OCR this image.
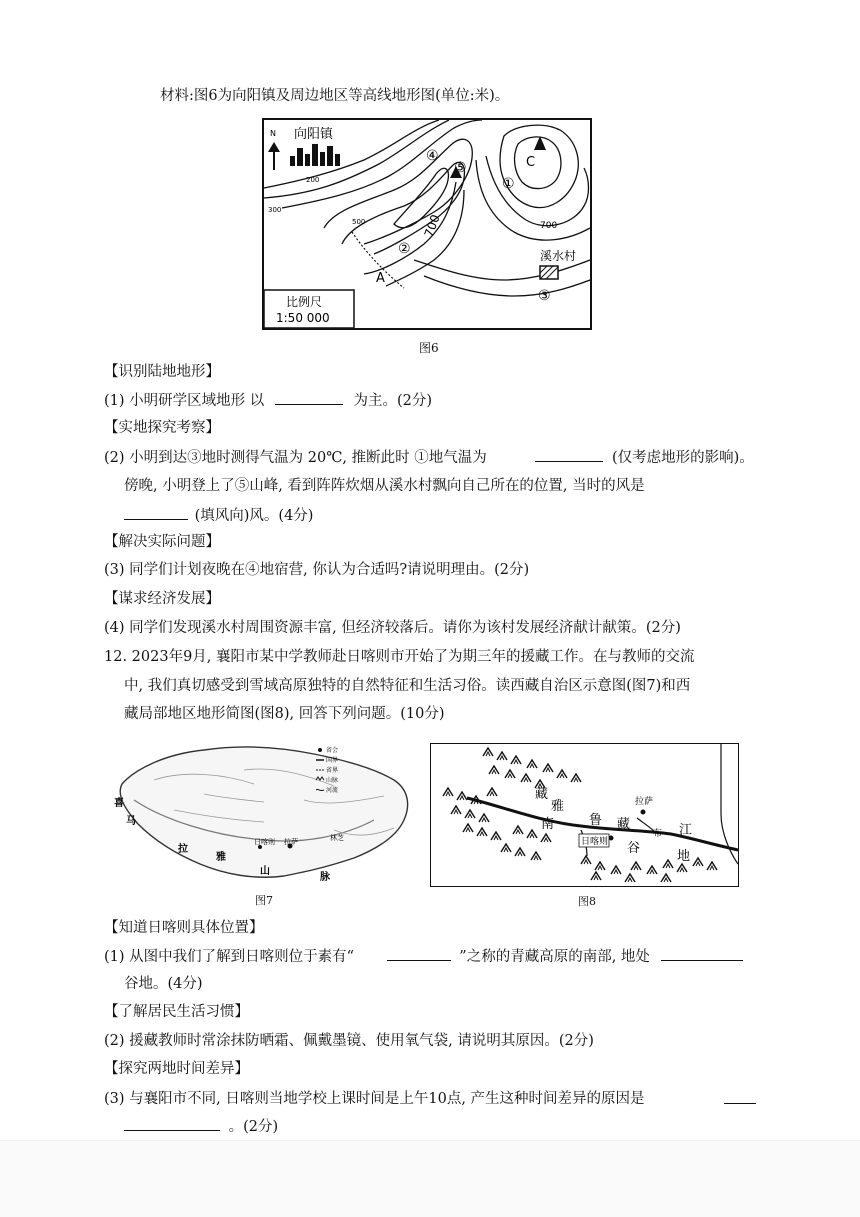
材料:图6为向阳镇及周边地区等高线地形图(单位:米)。
N 向阳镇
④
⑤
①
②
③
C
A
溪水村
700
700
500
200
300
比例尺
1:50 000
图6
【识别陆地地形】
(1) 小明研学区域地形 以	为主。(2分)
【实地探究考察】
(2) 小明到达③地时测得气温为 20℃, 推断此时 ①地气温为	(仅考虑地形的影响)。
傍晚, 小明登上了⑤山峰, 看到阵阵炊烟从溪水村飘向自己所在的位置, 当时的风是
(填风向)风。(4分)
【解决实际问题】
(3) 同学们计划夜晚在④地宿营, 你认为合适吗?请说明理由。(2分)
【谋求经济发展】
(4) 同学们发现溪水村周围资源丰富, 但经济较落后。请你为该村发展经济献计献策。(2分)
12. 2023年9月, 襄阳市某中学教师赴日喀则市开始了为期三年的援藏工作。在与教师的交流
中, 我们真切感受到雪域高原独特的自然特征和生活习俗。读西藏自治区示意图(图7)和西
藏局部地区地形简图(图8), 回答下列问题。(10分)
省会
国界
省界
山脉
河流
喜
马
拉
雅
山
脉
日喀则 拉萨	林芝
图7
拉萨
日喀则
藏
雅
南	鲁 藏
布 江
谷
地
图8
【知道日喀则具体位置】
(1) 从图中我们了解到日喀则位于素有“	”之称的青藏高原的南部, 地处
谷地。(4分)
【了解居民生活习惯】
(2) 援藏教师时常涂抹防晒霜、佩戴墨镜、使用氧气袋, 请说明其原因。(2分)
【探究两地时间差异】
(3) 与襄阳市不同, 日喀则当地学校上课时间是上午10点, 产生这种时间差异的原因是
。(2分)
